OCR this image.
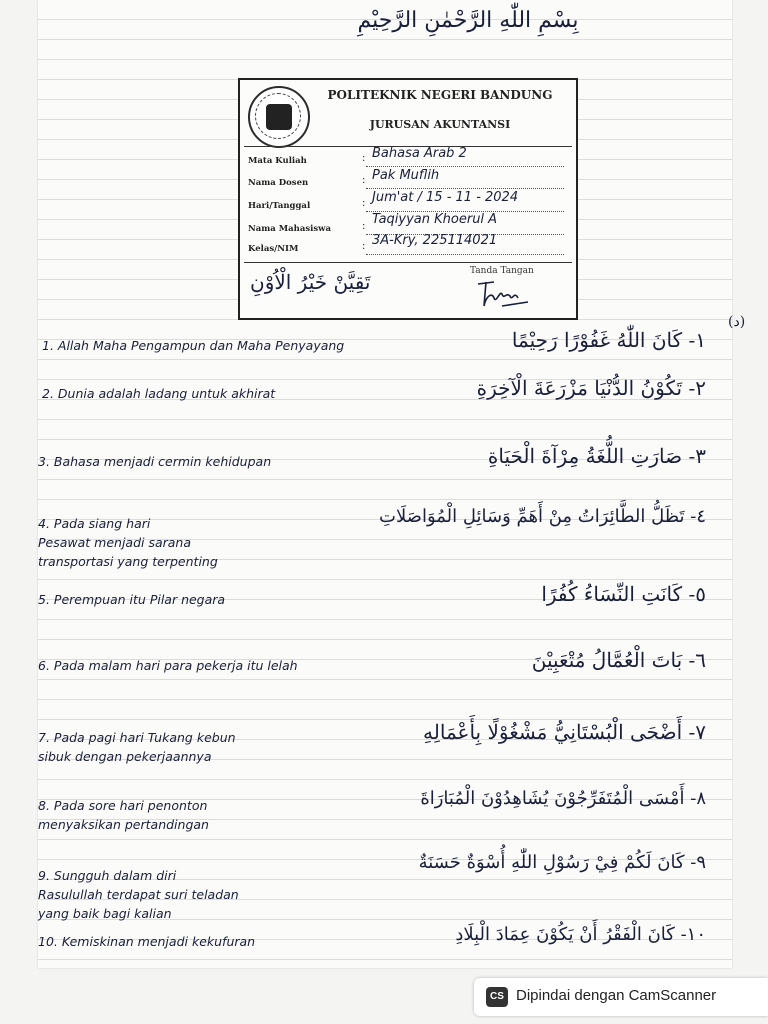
بِسْمِ اللّٰهِ الرَّحْمٰنِ الرَّحِيْمِ
POLITEKNIK NEGERI BANDUNG
JURUSAN AKUNTANSI
Mata Kuliah	: Bahasa Arab 2
Nama Dosen	: Pak Muflih
Hari/Tanggal	: Jum'at / 15 - 11 - 2024
Nama Mahasiswa	: Taqiyyan Khoerul A
Kelas/NIM	: 3A-Kry, 225114021
تَقِيَّنْ خَيْرُ الْاُوْنِ	Tanda Tangan
(د)
1. Allah Maha Pengampun dan Maha Penyayang	١- كَانَ اللّٰهُ غَفُوْرًا رَحِيْمًا
2. Dunia adalah ladang untuk akhirat	٢- تَكُوْنُ الدُّنْيَا مَزْرَعَةَ الْآخِرَةِ
3. Bahasa menjadi cermin kehidupan	٣- صَارَتِ اللُّغَةُ مِرْآةَ الْحَيَاةِ
4. Pada siang hari
Pesawat menjadi sarana
transportasi yang terpenting
٤- تَظَلُّ الطَّائِرَاتُ مِنْ أَهَمِّ وَسَائِلِ الْمُوَاصَلَاتِ
5. Perempuan itu Pilar negara	٥- كَانَتِ النِّسَاءُ كُفُرًا
6. Pada malam hari para pekerja itu lelah	٦- بَاتَ الْعُمَّالُ مُتْعَبِيْنَ
7. Pada pagi hari Tukang kebun
sibuk dengan pekerjaannya
٧- أَضْحَى الْبُسْتَانِيُّ مَشْغُوْلًا بِأَعْمَالِهِ
8. Pada sore hari penonton
menyaksikan pertandingan
٨- أَمْسَى الْمُتَفَرِّجُوْنَ يُشَاهِدُوْنَ الْمُبَارَاةَ
9. Sungguh dalam diri
Rasulullah terdapat suri teladan
yang baik bagi kalian
٩- كَانَ لَكُمْ فِيْ رَسُوْلِ اللّٰهِ أُسْوَةٌ حَسَنَةٌ
10. Kemiskinan menjadi kekufuran	١٠- كَانَ الْفَقْرُ أَنْ يَكُوْنَ عِمَادَ الْبِلَادِ
CS Dipindai dengan CamScanner
